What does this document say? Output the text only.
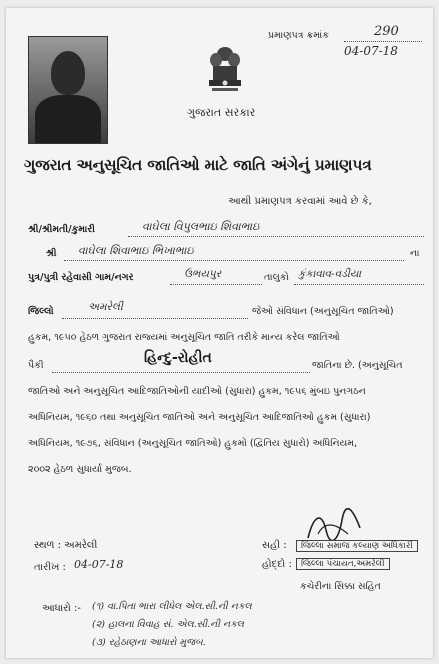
પ્રમાણપત્ર ક્રમાંક	290
04-07-18
ગુજરાત સરકાર
ગુજરાત અનુસૂચિત જાતિઓ માટે જાતિ અંગેનું પ્રમાણપત્ર
આથી પ્રમાણપત્ર કરવામાં આવે છે કે,
શ્રી/શ્રીમતી/કુમારી	વાઘેલા વિપુલભાઇ શિવાભાઇ
શ્રી વાઘેલા શિવાભાઇ ભિખાભાઇ	ના
પુત્ર/પુત્રી રહેવાસી ગામ/નગર	ઉભયપુર	તાલુકો કુંકાવાવ-વડીયા
જિલ્લો	અમરેલી	જેઓ સંવિધાન (અનુસૂચિત જાતિઓ)
હુકમ, ૧૯૫૦ હેઠળ ગુજરાત રાજ્યમાં અનુસૂચિત જાતિ તરીકે માન્ય કરેલ જાતિઓ
પૈકી	હિન્દુ-રોહીત	જાતિના છે. (અનુસૂચિત
જાતિઓ અને અનુસૂચિત આદિજાતિઓની યાદીઓ (સુધારા) હુકમ, ૧૯૫૬ મુંબઇ પુનગઠન
અધિનિયમ, ૧૯૬૦ તથા અનુસૂચિત જાતિઓ અને અનુસૂચિત આદિજાતિઓ હુકમ (સુધારા)
અધિનિયમ, ૧૯૭૬, સંવિધાન (અનુસૂચિત જાતિઓ) હુકમો (દ્વિતિય સુધારો) અધિનિયમ,
૨૦૦૨ હેઠળ સુધાર્યા મુજબ.
સ્થળ : અમરેલી
તારીખ : 04-07-18
સહી :	જિલ્લા સમાજ કલ્યાણ અધિકારી
હોદ્દો :	જિલ્લા પંચાયત,અમરેલી
કચેરીના સિક્કા સહિત
આધારો :- (૧) વા.પિતા ભારા લીધેલ એલ.સી.ની નકલ
(૨) હાલના વિવાહ સં. એલ.સી.ની નકલ
(૩) રહેઠાણના આધારો મુજબ.
